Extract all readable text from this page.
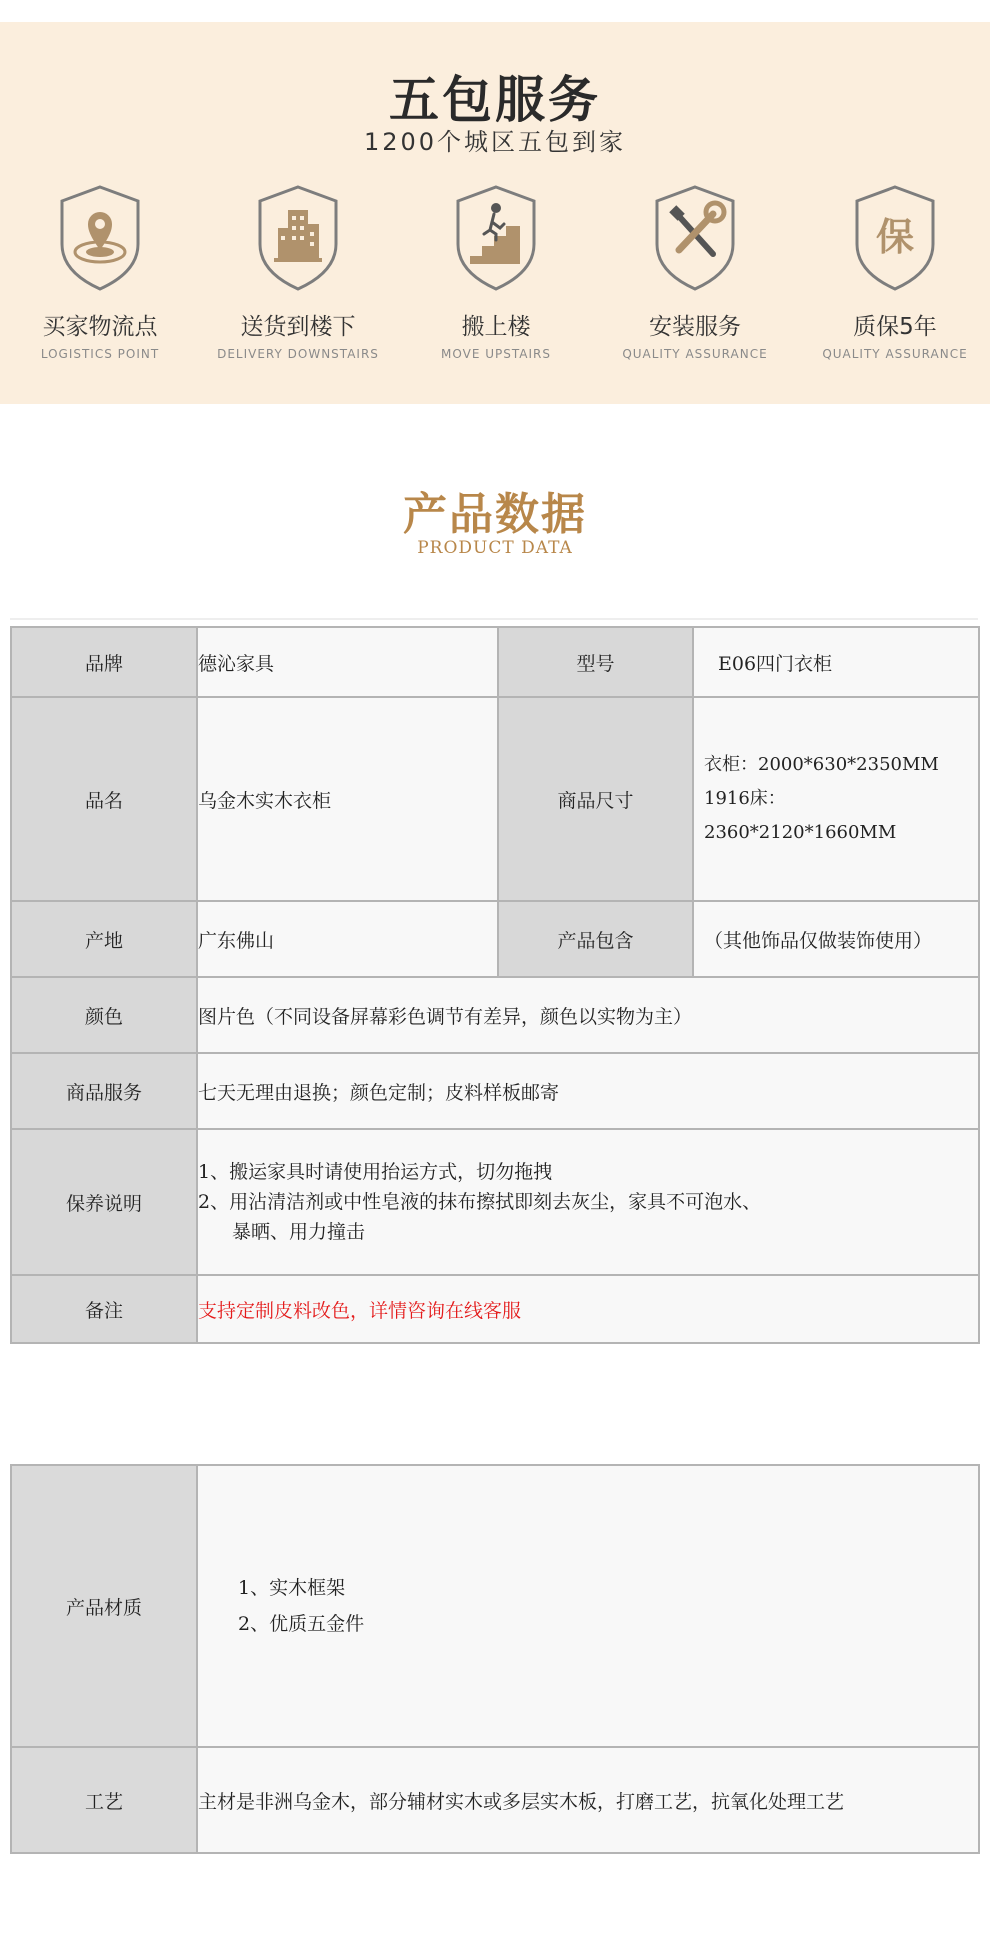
五包服务
1200个城区五包到家
买家物流点
LOGISTICS POINT
送货到楼下
DELIVERY DOWNSTAIRS
搬上楼
MOVE UPSTAIRS
安装服务
QUALITY ASSURANCE
保
质保5年
QUALITY ASSURANCE
产品数据
PRODUCT DATA
品牌	德沁家具	型号	E06四门衣柜
品名	乌金木实木衣柜	商品尺寸	衣柜：2000*630*2350MM
1916床：2360*2120*1660MM

产地	广东佛山	产品包含	（其他饰品仅做装饰使用）
颜色	图片色（不同设备屏幕彩色调节有差异，颜色以实物为主）		
商品服务	七天无理由退换；颜色定制；皮料样板邮寄		
保养说明	1、搬运家具时请使用抬运方式，切勿拖拽
2、用沾清洁剂或中性皂液的抹布擦拭即刻去灰尘，家具不可泡水、
暴晒、用力撞击		

备注	支持定制皮料改色，详情咨询在线客服		
产品材质	1、实木框架
2、优质五金件

工艺	主材是非洲乌金木，部分辅材实木或多层实木板，打磨工艺，抗氧化处理工艺
